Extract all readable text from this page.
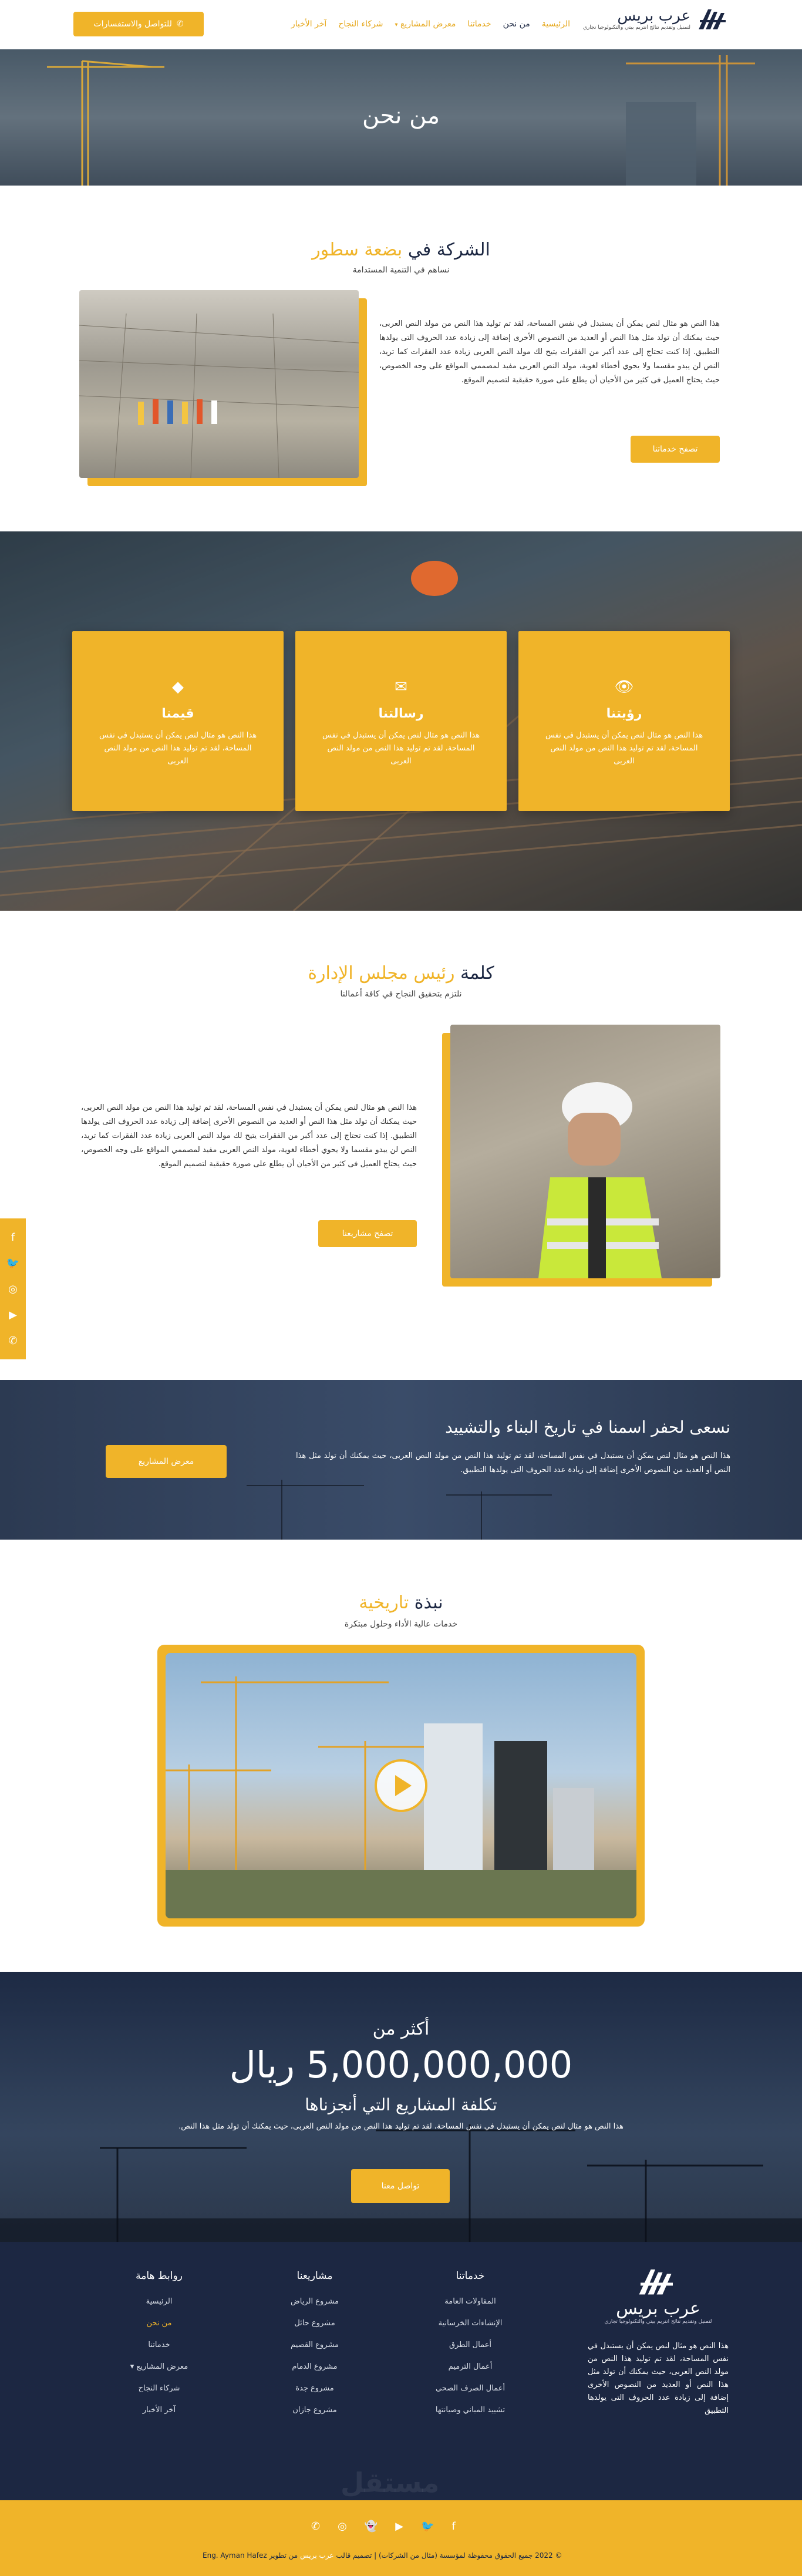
عرب بريس
لتمنيل وتقديم نتائج انتريم بيتي والتكنولوجيا تجاري
الرئيسية
من نحن
خدماتنا
معرض المشاريع ▾
شركاء النجاح
آخر الأخبار
✆
للتواصل والاستفسارات
من نحن
الشركة في بضعة سطور
نساهم في التنمية المستدامة
هذا النص هو مثال لنص يمكن أن يستبدل في نفس المساحة، لقد تم توليد هذا النص من مولد النص العربى، حيث يمكنك أن تولد مثل هذا النص أو العديد من النصوص الأخرى إضافة إلى زيادة عدد الحروف التى يولدها التطبيق. إذا كنت تحتاج إلى عدد أكبر من الفقرات يتيح لك مولد النص العربى زيادة عدد الفقرات كما تريد، النص لن يبدو مقسما ولا يحوي أخطاء لغوية، مولد النص العربى مفيد لمصممي المواقع على وجه الخصوص، حيث يحتاج العميل فى كثير من الأحيان أن يطلع على صورة حقيقية لتصميم الموقع.
تصفح خدماتنا
👁
رؤيتنا

هذا النص هو مثال لنص يمكن أن يستبدل في نفس المساحة، لقد تم توليد هذا النص من مولد النص العربى

✉
رسالتنا

هذا النص هو مثال لنص يمكن أن يستبدل في نفس المساحة، لقد تم توليد هذا النص من مولد النص العربى

◆
قيمنا

هذا النص هو مثال لنص يمكن أن يستبدل في نفس المساحة، لقد تم توليد هذا النص من مولد النص العربى

كلمة رئيس مجلس الإدارة
نلتزم بتحقيق النجاح في كافة أعمالنا
هذا النص هو مثال لنص يمكن أن يستبدل في نفس المساحة، لقد تم توليد هذا النص من مولد النص العربى، حيث يمكنك أن تولد مثل هذا النص أو العديد من النصوص الأخرى إضافة إلى زيادة عدد الحروف التى يولدها التطبيق. إذا كنت تحتاج إلى عدد أكبر من الفقرات يتيح لك مولد النص العربى زيادة عدد الفقرات كما تريد، النص لن يبدو مقسما ولا يحوي أخطاء لغوية، مولد النص العربى مفيد لمصممي المواقع على وجه الخصوص، حيث يحتاج العميل فى كثير من الأحيان أن يطلع على صورة حقيقية لتصميم الموقع.
تصفح مشاريعنا
f
🐦
◎
▶
✆
نسعى لحفر اسمنا في تاريخ البناء والتشييد

هذا النص هو مثال لنص يمكن أن يستبدل في نفس المساحة، لقد تم توليد هذا النص من مولد النص العربى، حيث يمكنك أن تولد مثل هذا النص أو العديد من النصوص الأخرى إضافة إلى زيادة عدد الحروف التى يولدها التطبيق.

معرض المشاريع
نبذة تاريخية
خدمات عالية الأداء وحلول مبتكرة
أكثر من
5,000,000,000 ريال
تكلفة المشاريع التي أنجزناها

هذا النص هو مثال لنص يمكن أن يستبدل في نفس المساحة، لقد تم توليد هذا النص من مولد النص العربى، حيث يمكنك أن تولد مثل هذا النص.

تواصل معنا
عرب بريس
لتمنيل وتقديم نتائج انتريم بيتي والتكنولوجيا تجاري

هذا النص هو مثال لنص يمكن أن يستبدل في نفس المساحة، لقد تم توليد هذا النص من مولد النص العربى، حيث يمكنك أن تولد مثل هذا النص أو العديد من النصوص الأخرى إضافة إلى زيادة عدد الحروف التى يولدها التطبيق

خدماتنا
المقاولات العامة
الإنشاءات الخرسانية
أعمال الطرق
أعمال الترميم
أعمال الصرف الصحي
تشييد المباني وصيانتها
مشاريعنا
مشروع الرياض
مشروع حائل
مشروع القصيم
مشروع الدمام
مشروع جدة
مشروع جازان
روابط هامة
الرئيسية
من نحن
خدماتنا
معرض المشاريع ▾
شركاء النجاح
آخر الأخبار
مستقل
f
🐦
▶
👻
◎
✆
© 2022 جميع الحقوق محفوظة لمؤسسة (مثال من الشركات) | تصميم قالب عرب بريس من تطوير Eng. Ayman Hafez
